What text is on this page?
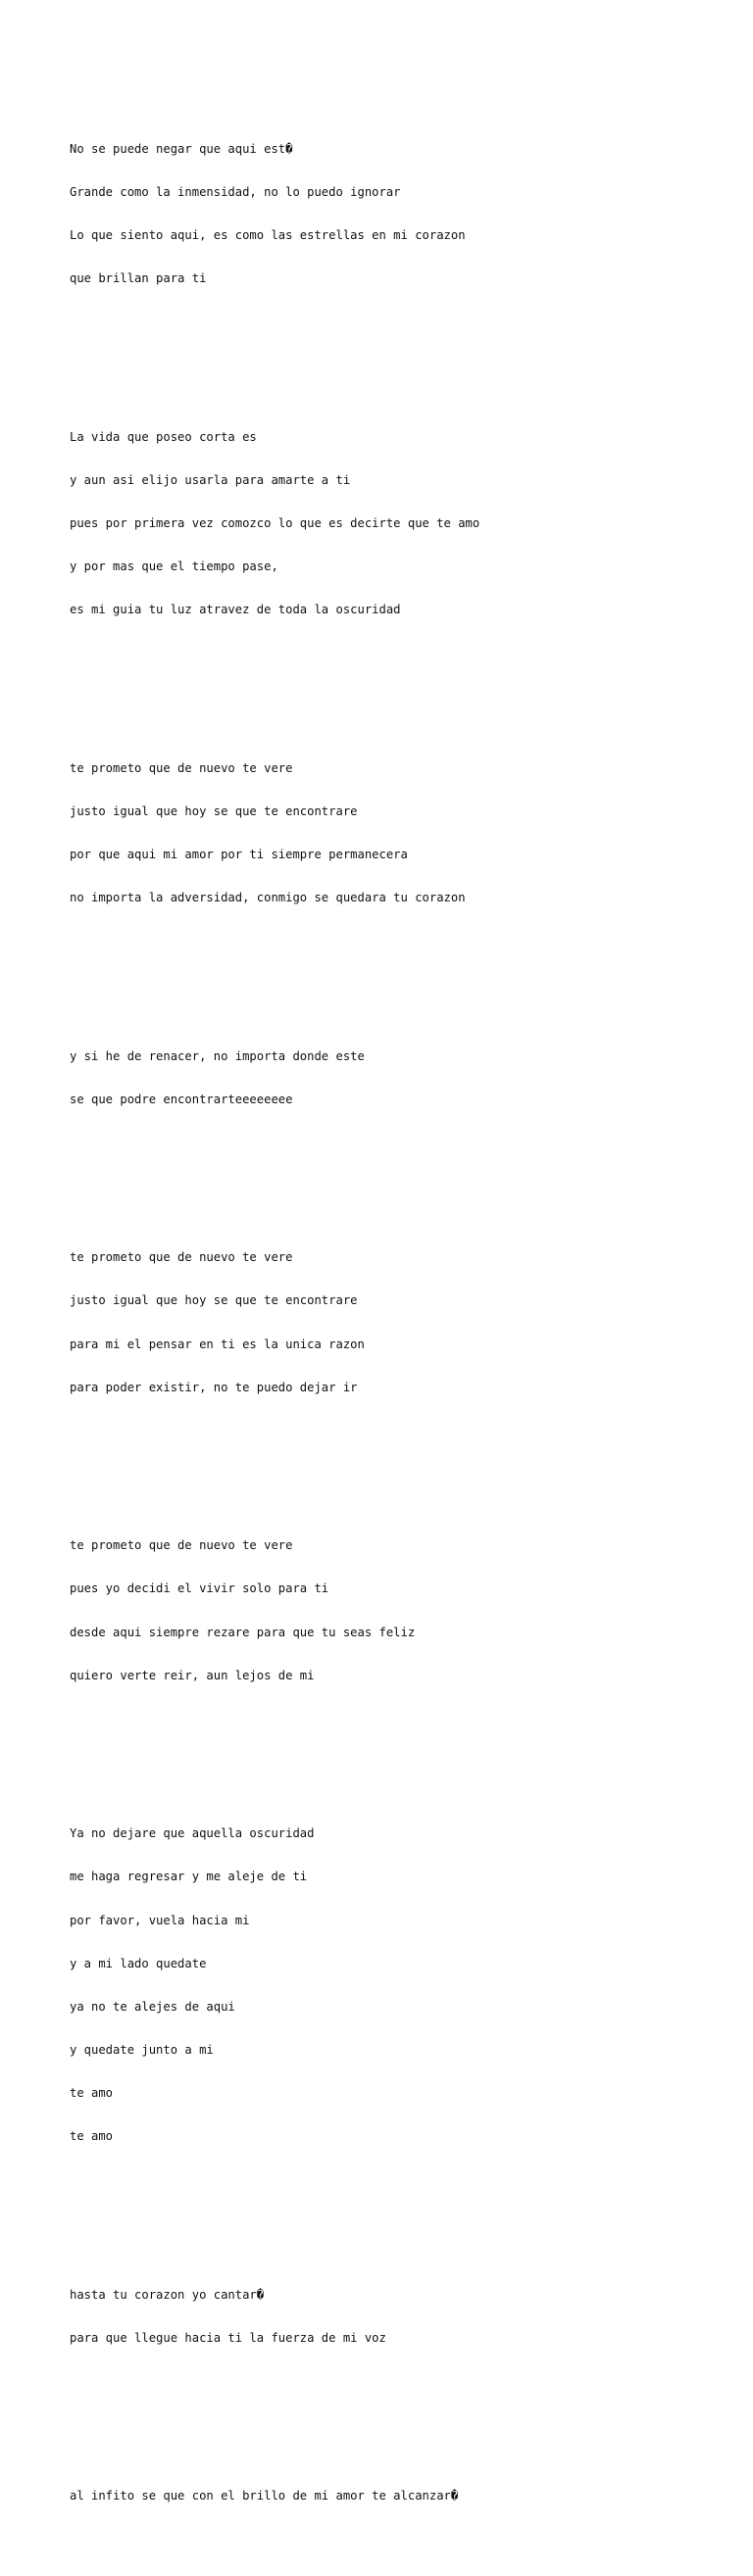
No se puede negar que aqui est�

Grande como la inmensidad, no lo puedo ignorar

Lo que siento aqui, es como las estrellas en mi corazon

que brillan para ti

La vida que poseo corta es

y aun asi elijo usarla para amarte a ti

pues por primera vez comozco lo que es decirte que te amo

y por mas que el tiempo pase,

es mi guia tu luz atravez de toda la oscuridad

te prometo que de nuevo te vere

justo igual que hoy se que te encontrare

por que aqui mi amor por ti siempre permanecera

no importa la adversidad, conmigo se quedara tu corazon

y si he de renacer, no importa donde este

se que podre encontrarteeeeeeee

te prometo que de nuevo te vere

justo igual que hoy se que te encontrare

para mi el pensar en ti es la unica razon

para poder existir, no te puedo dejar ir

te prometo que de nuevo te vere

pues yo decidi el vivir solo para ti

desde aqui siempre rezare para que tu seas feliz

quiero verte reir, aun lejos de mi

Ya no dejare que aquella oscuridad

me haga regresar y me aleje de ti

por favor, vuela hacia mi

y a mi lado quedate

ya no te alejes de aqui

y quedate junto a mi

te amo

te amo

hasta tu corazon yo cantar�

para que llegue hacia ti la fuerza de mi voz

al infito se que con el brillo de mi amor te alcanzar�
